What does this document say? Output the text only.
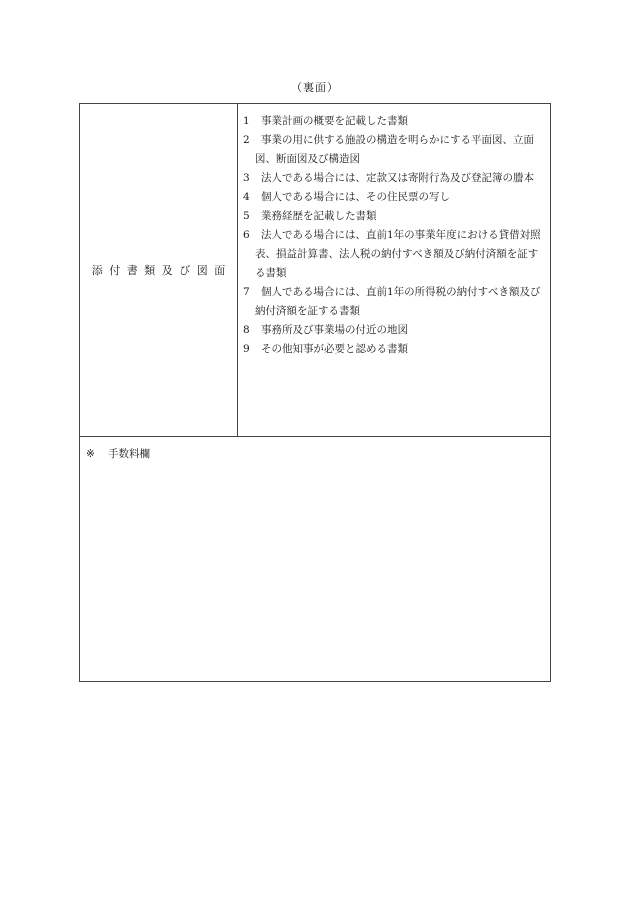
（裏面）
添付書類及び図面
1 事業計画の概要を記載した書類
2 事業の用に供する施設の構造を明らかにする平面図、立面図、断面図及び構造図
3 法人である場合には、定款又は寄附行為及び登記簿の謄本
4 個人である場合には、その住民票の写し
5 業務経歴を記載した書類
6 法人である場合には、直前1年の事業年度における貸借対照表、損益計算書、法人税の納付すべき額及び納付済額を証する書類
7 個人である場合には、直前1年の所得税の納付すべき額及び納付済額を証する書類
8 事務所及び事業場の付近の地図
9 その他知事が必要と認める書類
※ 手数料欄
